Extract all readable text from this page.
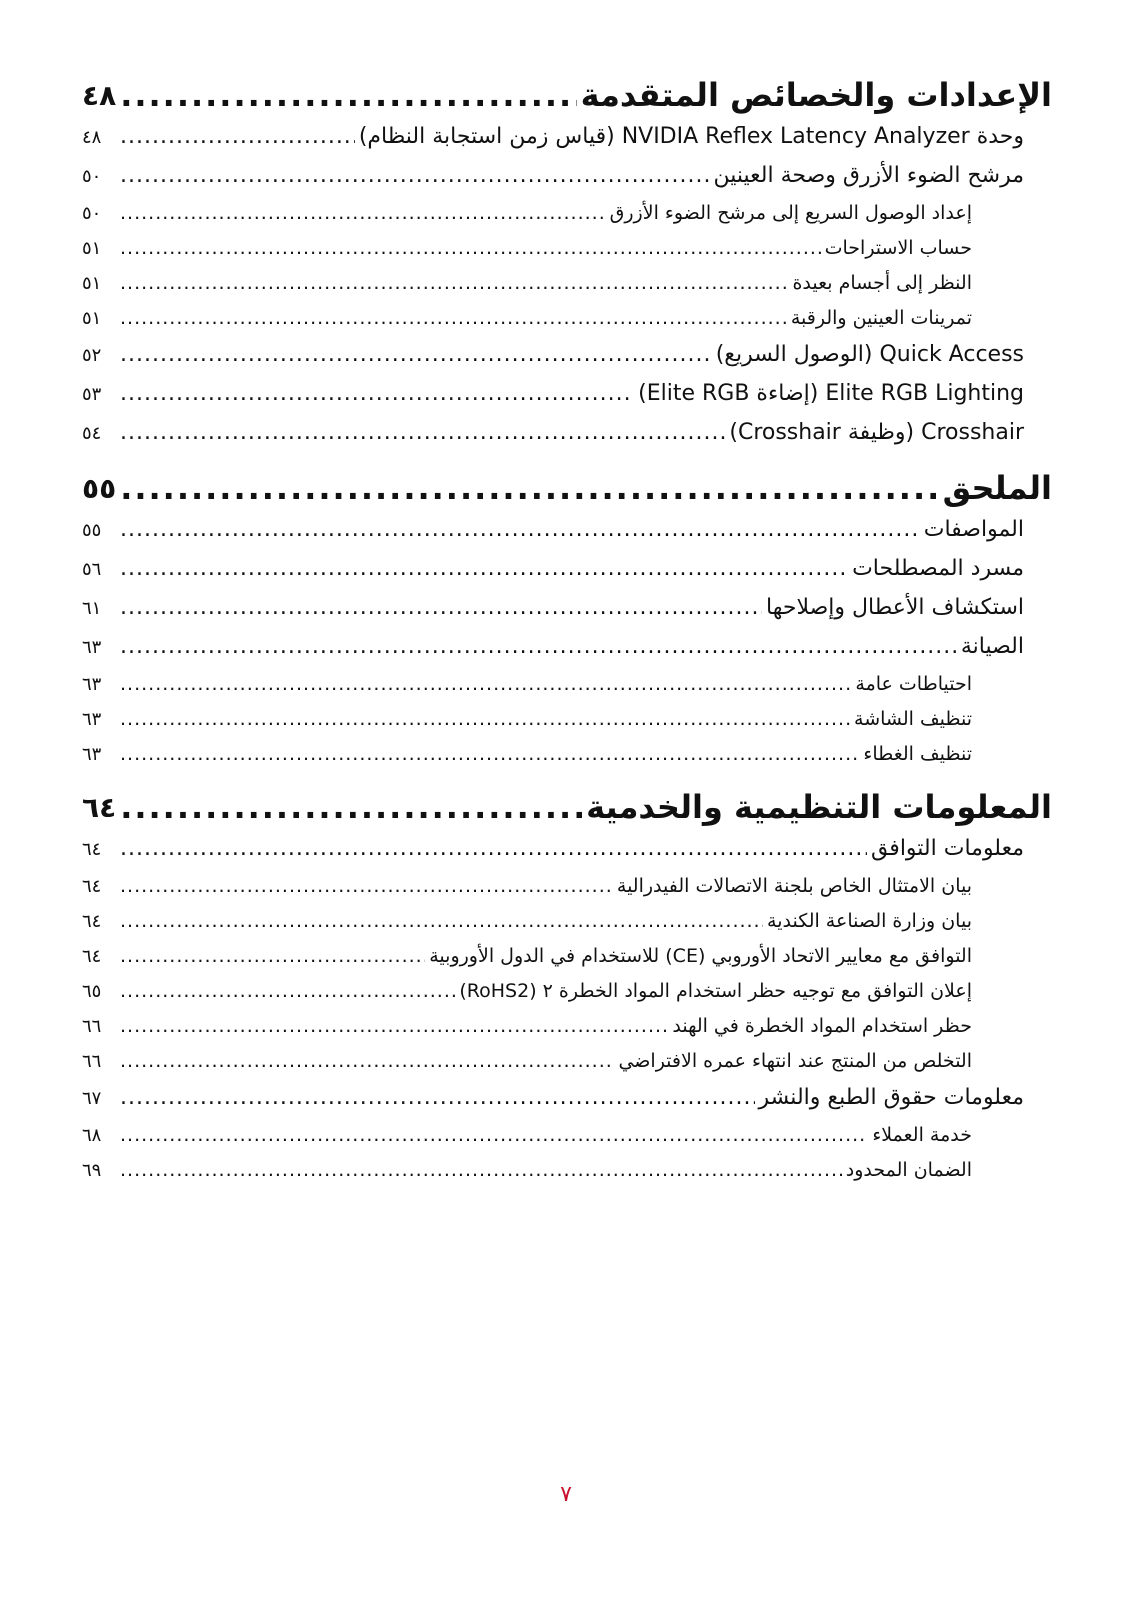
الإعدادات والخصائص المتقدمة
.....
٤٨
وحدة NVIDIA Reflex Latency Analyzer (قياس زمن استجابة النظام)
.....
٤٨
مرشح الضوء الأزرق وصحة العينين
.....
٥٠
إعداد الوصول السريع إلى مرشح الضوء الأزرق
.....
٥٠
حساب الاستراحات
.....
٥١
النظر إلى أجسام بعيدة
.....
٥١
تمرينات العينين والرقبة
.....
٥١
Quick Access (الوصول السريع)
.....
٥٢
Elite RGB Lighting (إضاءة Elite RGB)
.....
٥٣
Crosshair (وظيفة Crosshair)
.....
٥٤
الملحق
.....
٥٥
المواصفات
.....
٥٥
مسرد المصطلحات
.....
٥٦
استكشاف الأعطال وإصلاحها
.....
٦١
الصيانة
.....
٦٣
احتياطات عامة
.....
٦٣
تنظيف الشاشة
.....
٦٣
تنظيف الغطاء
.....
٦٣
المعلومات التنظيمية والخدمية
.....
٦٤
معلومات التوافق
.....
٦٤
بيان الامتثال الخاص بلجنة الاتصالات الفيدرالية
.....
٦٤
بيان وزارة الصناعة الكندية
.....
٦٤
التوافق مع معايير الاتحاد الأوروبي (CE) للاستخدام في الدول الأوروبية
.....
٦٤
إعلان التوافق مع توجيه حظر استخدام المواد الخطرة ٢ (RoHS2)
.....
٦٥
حظر استخدام المواد الخطرة في الهند
.....
٦٦
التخلص من المنتج عند انتهاء عمره الافتراضي
.....
٦٦
معلومات حقوق الطبع والنشر
.....
٦٧
خدمة العملاء
.....
٦٨
الضمان المحدود
.....
٦٩
٧
